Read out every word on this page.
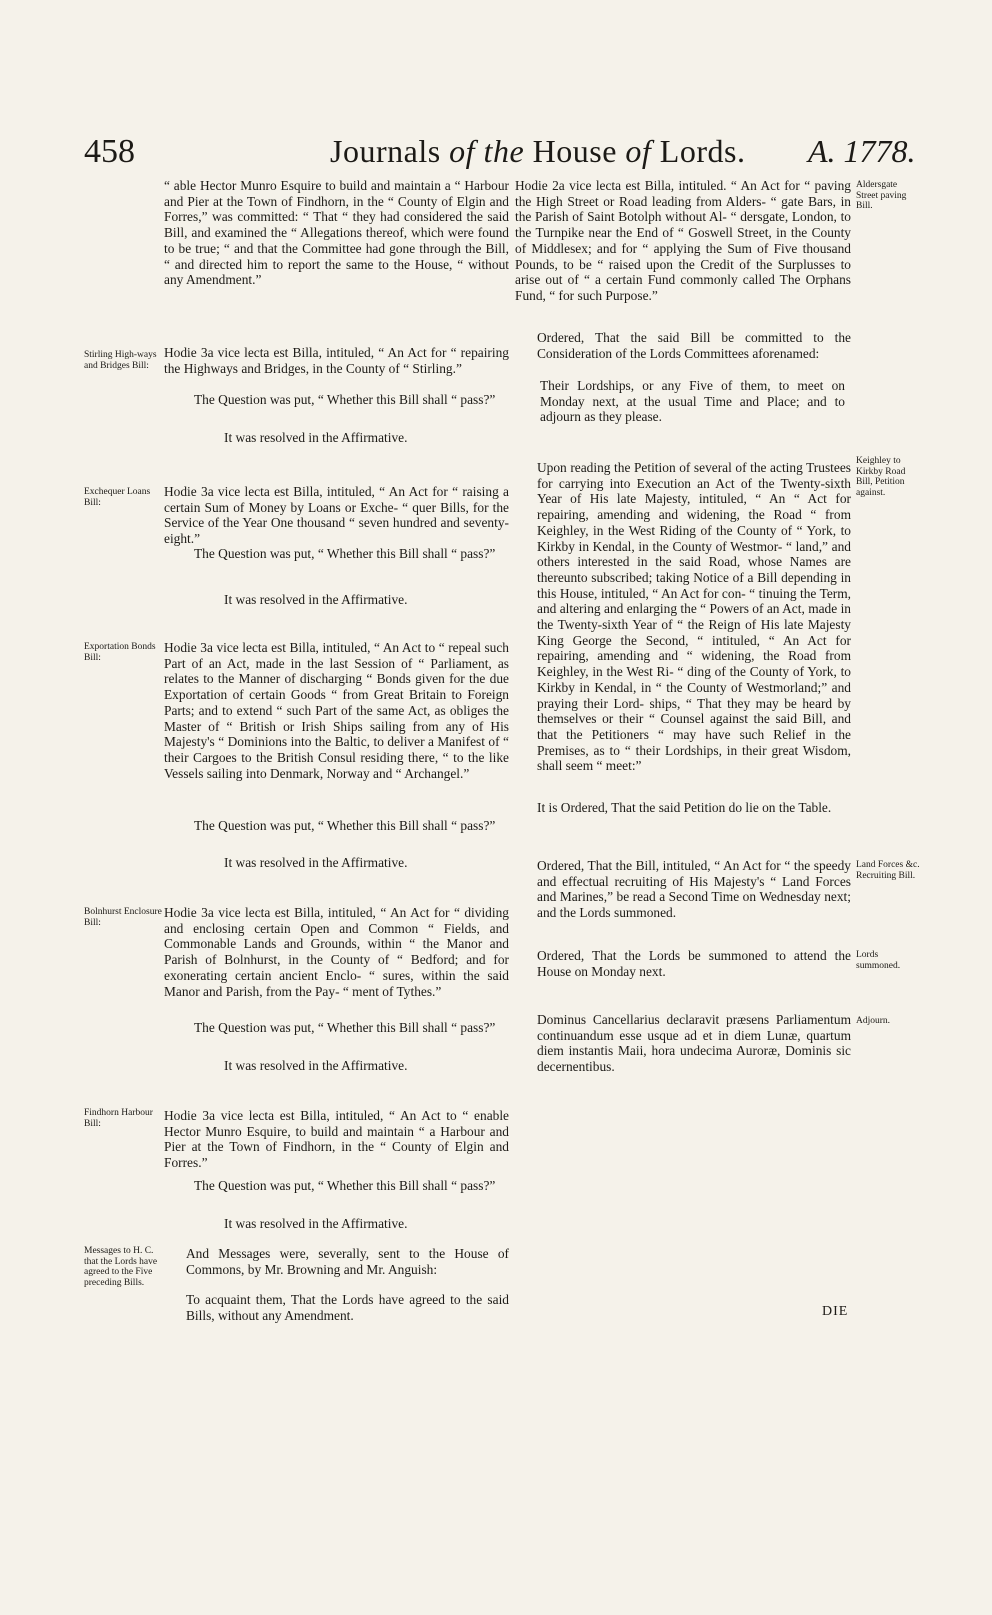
458	Journals of the House of Lords. A. 1778.
“ able Hector Munro Esquire to build and maintain a “ Harbour and Pier at the Town of Findhorn, in the “ County of Elgin and Forres,” was committed: “ That “ they had considered the said Bill, and examined the “ Allegations thereof, which were found to be true; “ and that the Committee had gone through the Bill, “ and directed him to report the same to the House, “ without any Amendment.”
Hodie 3a vice lecta est Billa, intituled, “ An Act for “ repairing the Highways and Bridges, in the County of “ Stirling.”
The Question was put, “ Whether this Bill shall “ pass?”
It was resolved in the Affirmative.
Hodie 3a vice lecta est Billa, intituled, “ An Act for “ raising a certain Sum of Money by Loans or Exche- “ quer Bills, for the Service of the Year One thousand “ seven hundred and seventy-eight.”
The Question was put, “ Whether this Bill shall “ pass?”
It was resolved in the Affirmative.
Hodie 3a vice lecta est Billa, intituled, “ An Act to “ repeal such Part of an Act, made in the last Session of “ Parliament, as relates to the Manner of discharging “ Bonds given for the due Exportation of certain Goods “ from Great Britain to Foreign Parts; and to extend “ such Part of the same Act, as obliges the Master of “ British or Irish Ships sailing from any of His Majesty's “ Dominions into the Baltic, to deliver a Manifest of “ their Cargoes to the British Consul residing there, “ to the like Vessels sailing into Denmark, Norway and “ Archangel.”
The Question was put, “ Whether this Bill shall “ pass?”
It was resolved in the Affirmative.
Hodie 3a vice lecta est Billa, intituled, “ An Act for “ dividing and enclosing certain Open and Common “ Fields, and Commonable Lands and Grounds, within “ the Manor and Parish of Bolnhurst, in the County of “ Bedford; and for exonerating certain ancient Enclo- “ sures, within the said Manor and Parish, from the Pay- “ ment of Tythes.”
The Question was put, “ Whether this Bill shall “ pass?”
It was resolved in the Affirmative.
Hodie 3a vice lecta est Billa, intituled, “ An Act to “ enable Hector Munro Esquire, to build and maintain “ a Harbour and Pier at the Town of Findhorn, in the “ County of Elgin and Forres.”
The Question was put, “ Whether this Bill shall “ pass?”
It was resolved in the Affirmative.
And Messages were, severally, sent to the House of Commons, by Mr. Browning and Mr. Anguish:
To acquaint them, That the Lords have agreed to the said Bills, without any Amendment.
Stirling High-ways and Bridges Bill:
Exchequer Loans Bill:
Exportation Bonds Bill:
Bolnhurst Enclosure Bill:
Findhorn Harbour Bill:
Messages to H. C. that the Lords have agreed to the Five preceding Bills.
Hodie 2a vice lecta est Billa, intituled. “ An Act for “ paving the High Street or Road leading from Alders- “ gate Bars, in the Parish of Saint Botolph without Al- “ dersgate, London, to the Turnpike near the End of “ Goswell Street, in the County of Middlesex; and for “ applying the Sum of Five thousand Pounds, to be “ raised upon the Credit of the Surplusses to arise out of “ a certain Fund commonly called The Orphans Fund, “ for such Purpose.”
Ordered, That the said Bill be committed to the Consideration of the Lords Committees aforenamed:
Their Lordships, or any Five of them, to meet on Monday next, at the usual Time and Place; and to adjourn as they please.
Upon reading the Petition of several of the acting Trustees for carrying into Execution an Act of the Twenty-sixth Year of His late Majesty, intituled, “ An “ Act for repairing, amending and widening, the Road “ from Keighley, in the West Riding of the County of “ York, to Kirkby in Kendal, in the County of Westmor- “ land,” and others interested in the said Road, whose Names are thereunto subscribed; taking Notice of a Bill depending in this House, intituled, “ An Act for con- “ tinuing the Term, and altering and enlarging the “ Powers of an Act, made in the Twenty-sixth Year of “ the Reign of His late Majesty King George the Second, “ intituled, “ An Act for repairing, amending and “ widening, the Road from Keighley, in the West Ri- “ ding of the County of York, to Kirkby in Kendal, in “ the County of Westmorland;” and praying their Lord- ships, “ That they may be heard by themselves or their “ Counsel against the said Bill, and that the Petitioners “ may have such Relief in the Premises, as to “ their Lordships, in their great Wisdom, shall seem “ meet:”
It is Ordered, That the said Petition do lie on the Table.
Ordered, That the Bill, intituled, “ An Act for “ the speedy and effectual recruiting of His Majesty's “ Land Forces and Marines,” be read a Second Time on Wednesday next; and the Lords summoned.
Ordered, That the Lords be summoned to attend the House on Monday next.
Dominus Cancellarius declaravit præsens Parliamentum continuandum esse usque ad et in diem Lunæ, quartum diem instantis Maii, hora undecima Auroræ, Dominis sic decernentibus.
Aldersgate Street paving Bill.
Keighley to Kirkby Road Bill, Petition against.
Land Forces &c. Recruiting Bill.
Lords summoned.
Adjourn.
DIE
